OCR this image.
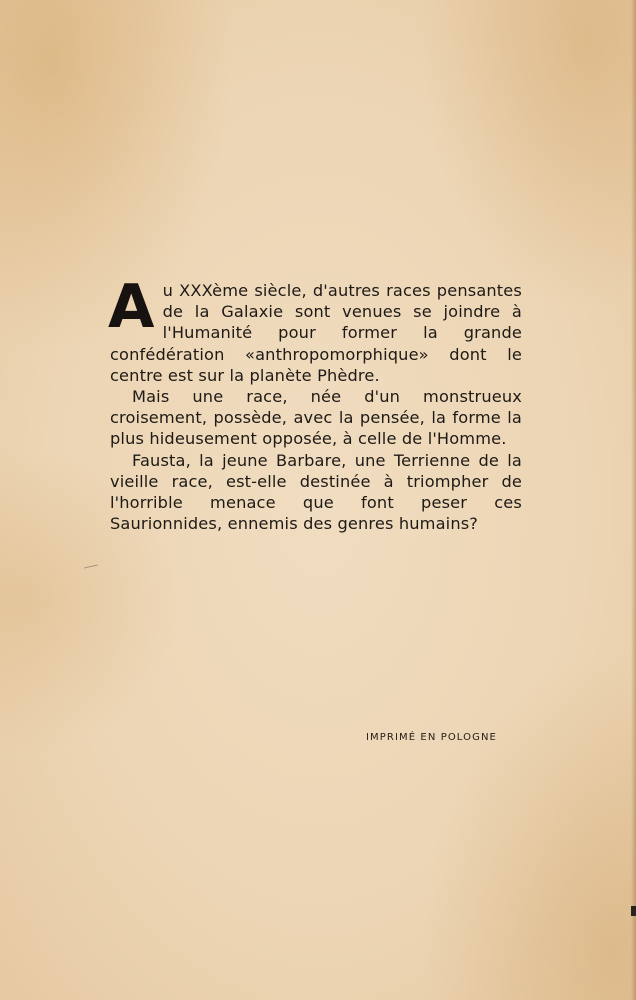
Au XXXème siècle, d'autres races pensantes de la Galaxie sont venues se joindre à l'Humanité pour former la grande confédération «anthropomorphique» dont le centre est sur la planète Phèdre.

Mais une race, née d'un monstrueux croisement, possède, avec la pensée, la forme la plus hideusement opposée, à celle de l'Homme.

Fausta, la jeune Barbare, une Terrienne de la vieille race, est-elle destinée à triompher de l'horrible menace que font peser ces Saurionnides, ennemis des genres humains?

IMPRIMÉ EN POLOGNE
